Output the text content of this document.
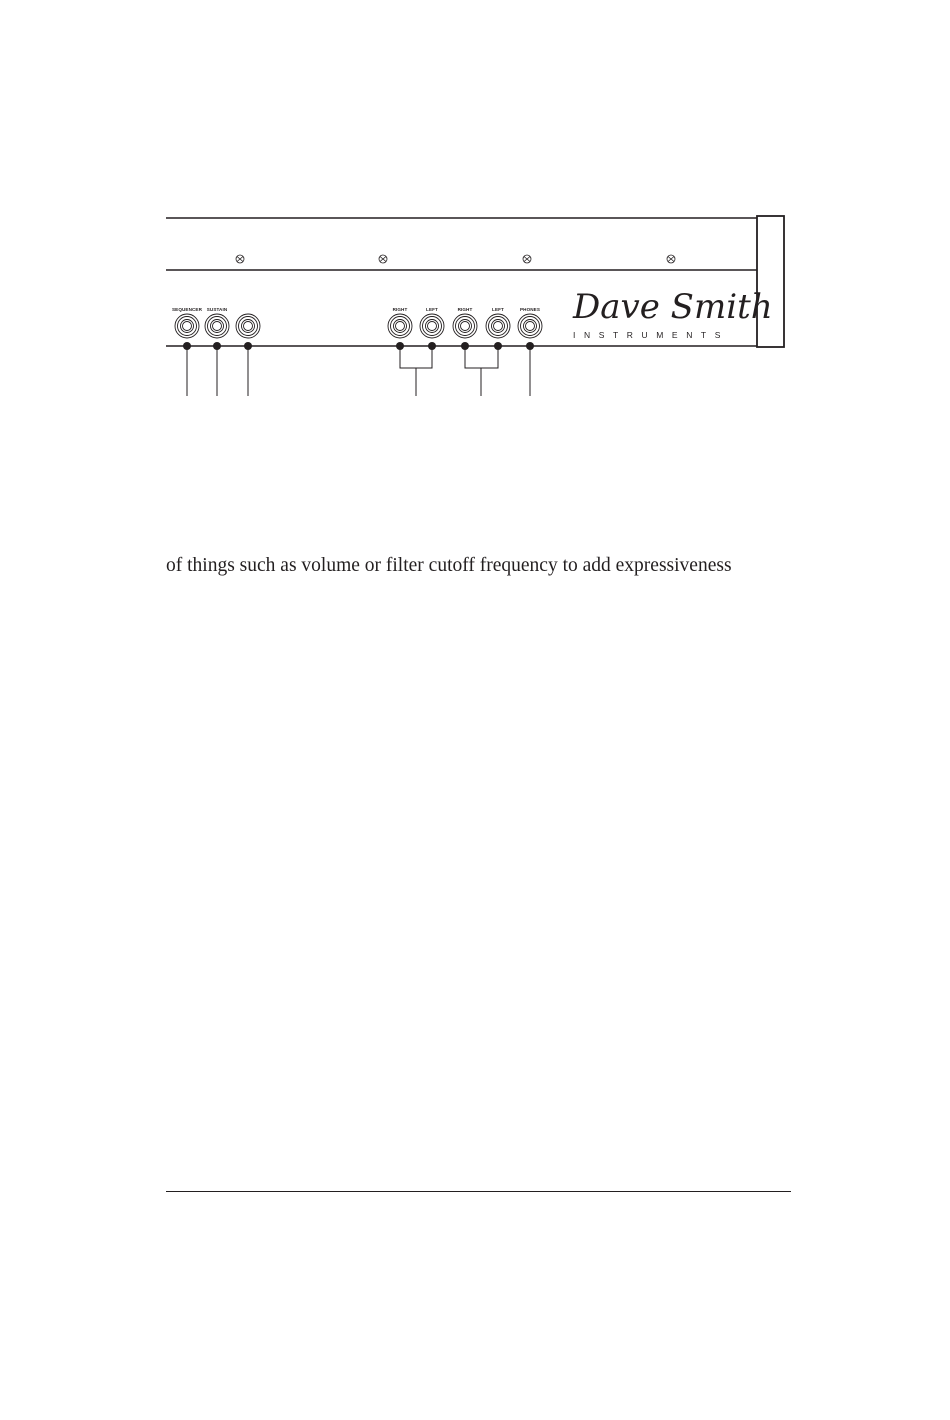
SEQUENCER SUSTAIN	RIGHT	LEFT	RIGHT	LEFT	PHONES Dave Smith
INSTRUMENTS

of things such as volume or filter cutoff frequency to add expressiveness
